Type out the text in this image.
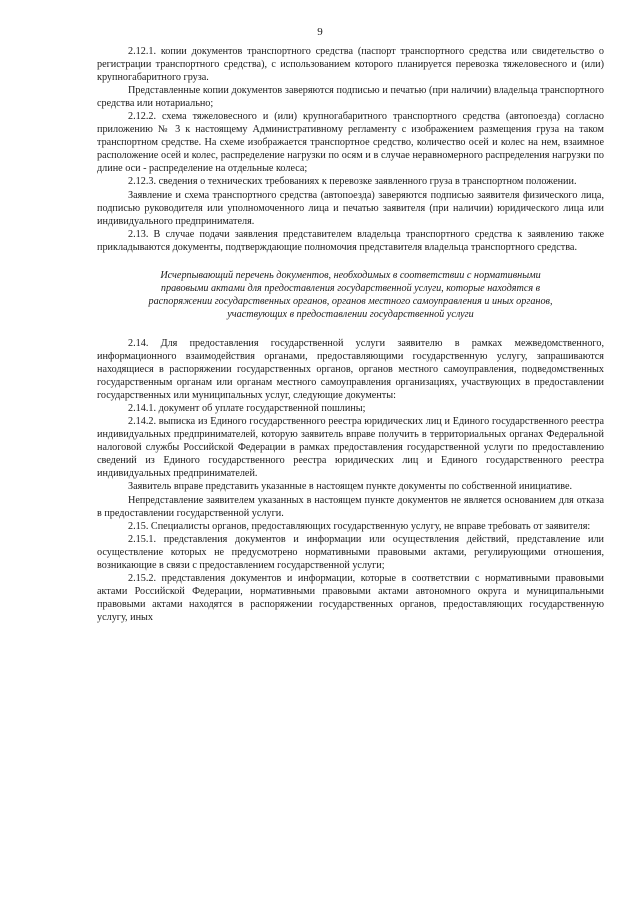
9

2.12.1. копии документов транспортного средства (паспорт транспортного средства или свидетельство о регистрации транспортного средства), с использованием которого планируется перевозка тяжеловесного и (или) крупногабаритного груза.

Представленные копии документов заверяются подписью и печатью (при наличии) владельца транспортного средства или нотариально;

2.12.2. схема тяжеловесного и (или) крупногабаритного транспортного средства (автопоезда) согласно приложению № 3 к настоящему Административному регламенту с изображением размещения груза на таком транспортном средстве. На схеме изображается транспортное средство, количество осей и колес на нем, взаимное расположение осей и колес, распределение нагрузки по осям и в случае неравномерного распределения нагрузки по длине оси - распределение на отдельные колеса;

2.12.3. сведения о технических требованиях к перевозке заявленного груза в транспортном положении.

Заявление и схема транспортного средства (автопоезда) заверяются подписью заявителя физического лица, подписью руководителя или уполномоченного лица и печатью заявителя (при наличии) юридического лица или индивидуального предпринимателя.

2.13. В случае подачи заявления представителем владельца транспортного средства к заявлению также прикладываются документы, подтверждающие полномочия представителя владельца транспортного средства.

Исчерпывающий перечень документов, необходимых в соответствии с нормативными
правовыми актами для предоставления государственной услуги, которые находятся в
распоряжении государственных органов, органов местного самоуправления и иных органов,
участвующих в предоставлении государственной услуги

2.14. Для предоставления государственной услуги заявителю в рамках межведомственного, информационного взаимодействия органами, предоставляющими государственную услугу, запрашиваются находящиеся в распоряжении государственных органов, органов местного самоуправления, подведомственных государственным органам или органам местного самоуправления организациях, участвующих в предоставлении государственных или муниципальных услуг, следующие документы:

2.14.1. документ об уплате государственной пошлины;

2.14.2. выписка из Единого государственного реестра юридических лиц и Единого государственного реестра индивидуальных предпринимателей, которую заявитель вправе получить в территориальных органах Федеральной налоговой службы Российской Федерации в рамках предоставления государственной услуги по предоставлению сведений из Единого государственного реестра юридических лиц и Единого государственного реестра индивидуальных предпринимателей.

Заявитель вправе представить указанные в настоящем пункте документы по собственной инициативе.

Непредставление заявителем указанных в настоящем пункте документов не является основанием для отказа в предоставлении государственной услуги.

2.15. Специалисты органов, предоставляющих государственную услугу, не вправе требовать от заявителя:

2.15.1. представления документов и информации или осуществления действий, представление или осуществление которых не предусмотрено нормативными правовыми актами, регулирующими отношения, возникающие в связи с предоставлением государственной услуги;

2.15.2. представления документов и информации, которые в соответствии с нормативными правовыми актами Российской Федерации, нормативными правовыми актами автономного округа и муниципальными правовыми актами находятся в распоряжении государственных органов, предоставляющих государственную услугу, иных
